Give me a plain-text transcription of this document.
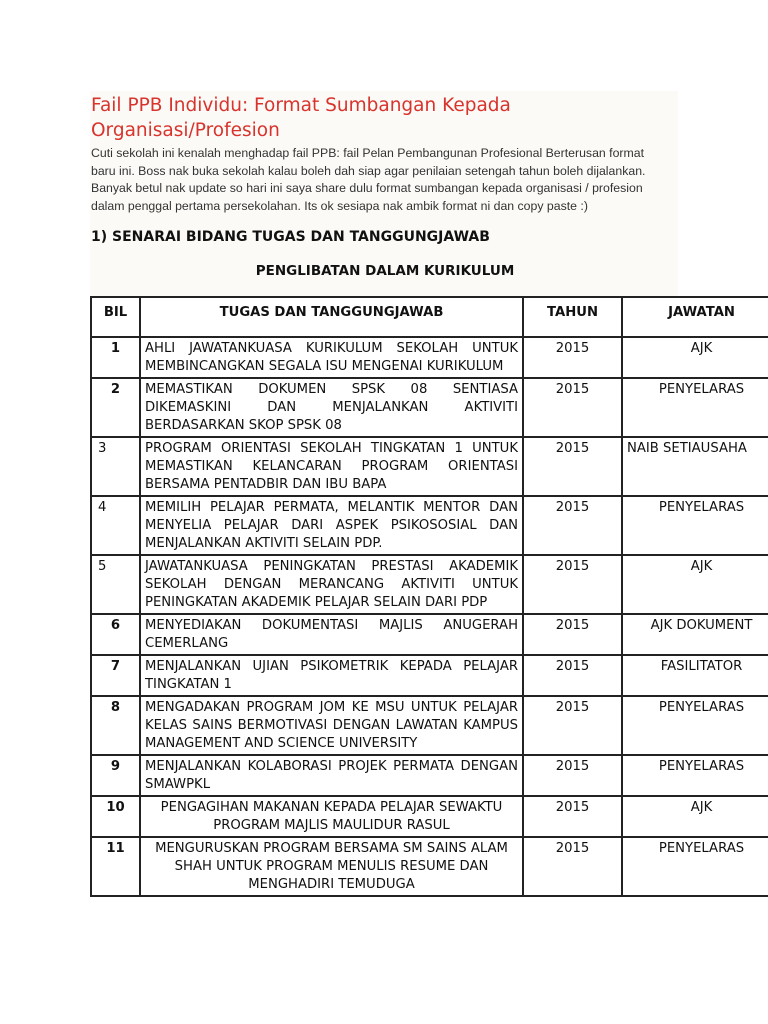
Fail PPB Individu: Format Sumbangan Kepada Organisasi/Profesion

Cuti sekolah ini kenalah menghadap fail PPB: fail Pelan Pembangunan Profesional Berterusan format baru ini. Boss nak buka sekolah kalau boleh dah siap agar penilaian setengah tahun boleh dijalankan. Banyak betul nak update so hari ini saya share dulu format sumbangan kepada organisasi / profesion dalam penggal pertama persekolahan. Its ok sesiapa nak ambik format ni dan copy paste :)

1) SENARAI BIDANG TUGAS DAN TANGGUNGJAWAB
PENGLIBATAN DALAM KURIKULUM
BIL	TUGAS DAN TANGGUNGJAWAB	TAHUN	JAWATAN
1	AHLI JAWATANKUASA KURIKULUM SEKOLAH UNTUK MEMBINCANGKAN SEGALA ISU MENGENAI KURIKULUM	2015	AJK
2	MEMASTIKAN DOKUMEN SPSK 08 SENTIASA DIKEMASKINI DAN MENJALANKAN AKTIVITI BERDASARKAN SKOP SPSK 08	2015	PENYELARAS
3	PROGRAM ORIENTASI SEKOLAH TINGKATAN 1 UNTUK MEMASTIKAN KELANCARAN PROGRAM ORIENTASI BERSAMA PENTADBIR DAN IBU BAPA	2015	NAIB SETIAUSAHA
4	MEMILIH PELAJAR PERMATA, MELANTIK MENTOR DAN MENYELIA PELAJAR DARI ASPEK PSIKOSOSIAL DAN MENJALANKAN AKTIVITI SELAIN PDP.	2015	PENYELARAS
5	JAWATANKUASA PENINGKATAN PRESTASI AKADEMIK SEKOLAH DENGAN MERANCANG AKTIVITI UNTUK PENINGKATAN AKADEMIK PELAJAR SELAIN DARI PDP	2015	AJK
6	MENYEDIAKAN DOKUMENTASI MAJLIS ANUGERAH CEMERLANG	2015	AJK DOKUMENT
7	MENJALANKAN UJIAN PSIKOMETRIK KEPADA PELAJAR TINGKATAN 1	2015	FASILITATOR
8	MENGADAKAN PROGRAM JOM KE MSU UNTUK PELAJAR KELAS SAINS BERMOTIVASI DENGAN LAWATAN KAMPUS MANAGEMENT AND SCIENCE UNIVERSITY	2015	PENYELARAS
9	MENJALANKAN KOLABORASI PROJEK PERMATA DENGAN SMAWPKL	2015	PENYELARAS
10	PENGAGIHAN MAKANAN KEPADA PELAJAR SEWAKTU PROGRAM MAJLIS MAULIDUR RASUL	2015	AJK
11	MENGURUSKAN PROGRAM BERSAMA SM SAINS ALAM SHAH UNTUK PROGRAM MENULIS RESUME DAN MENGHADIRI TEMUDUGA	2015	PENYELARAS
